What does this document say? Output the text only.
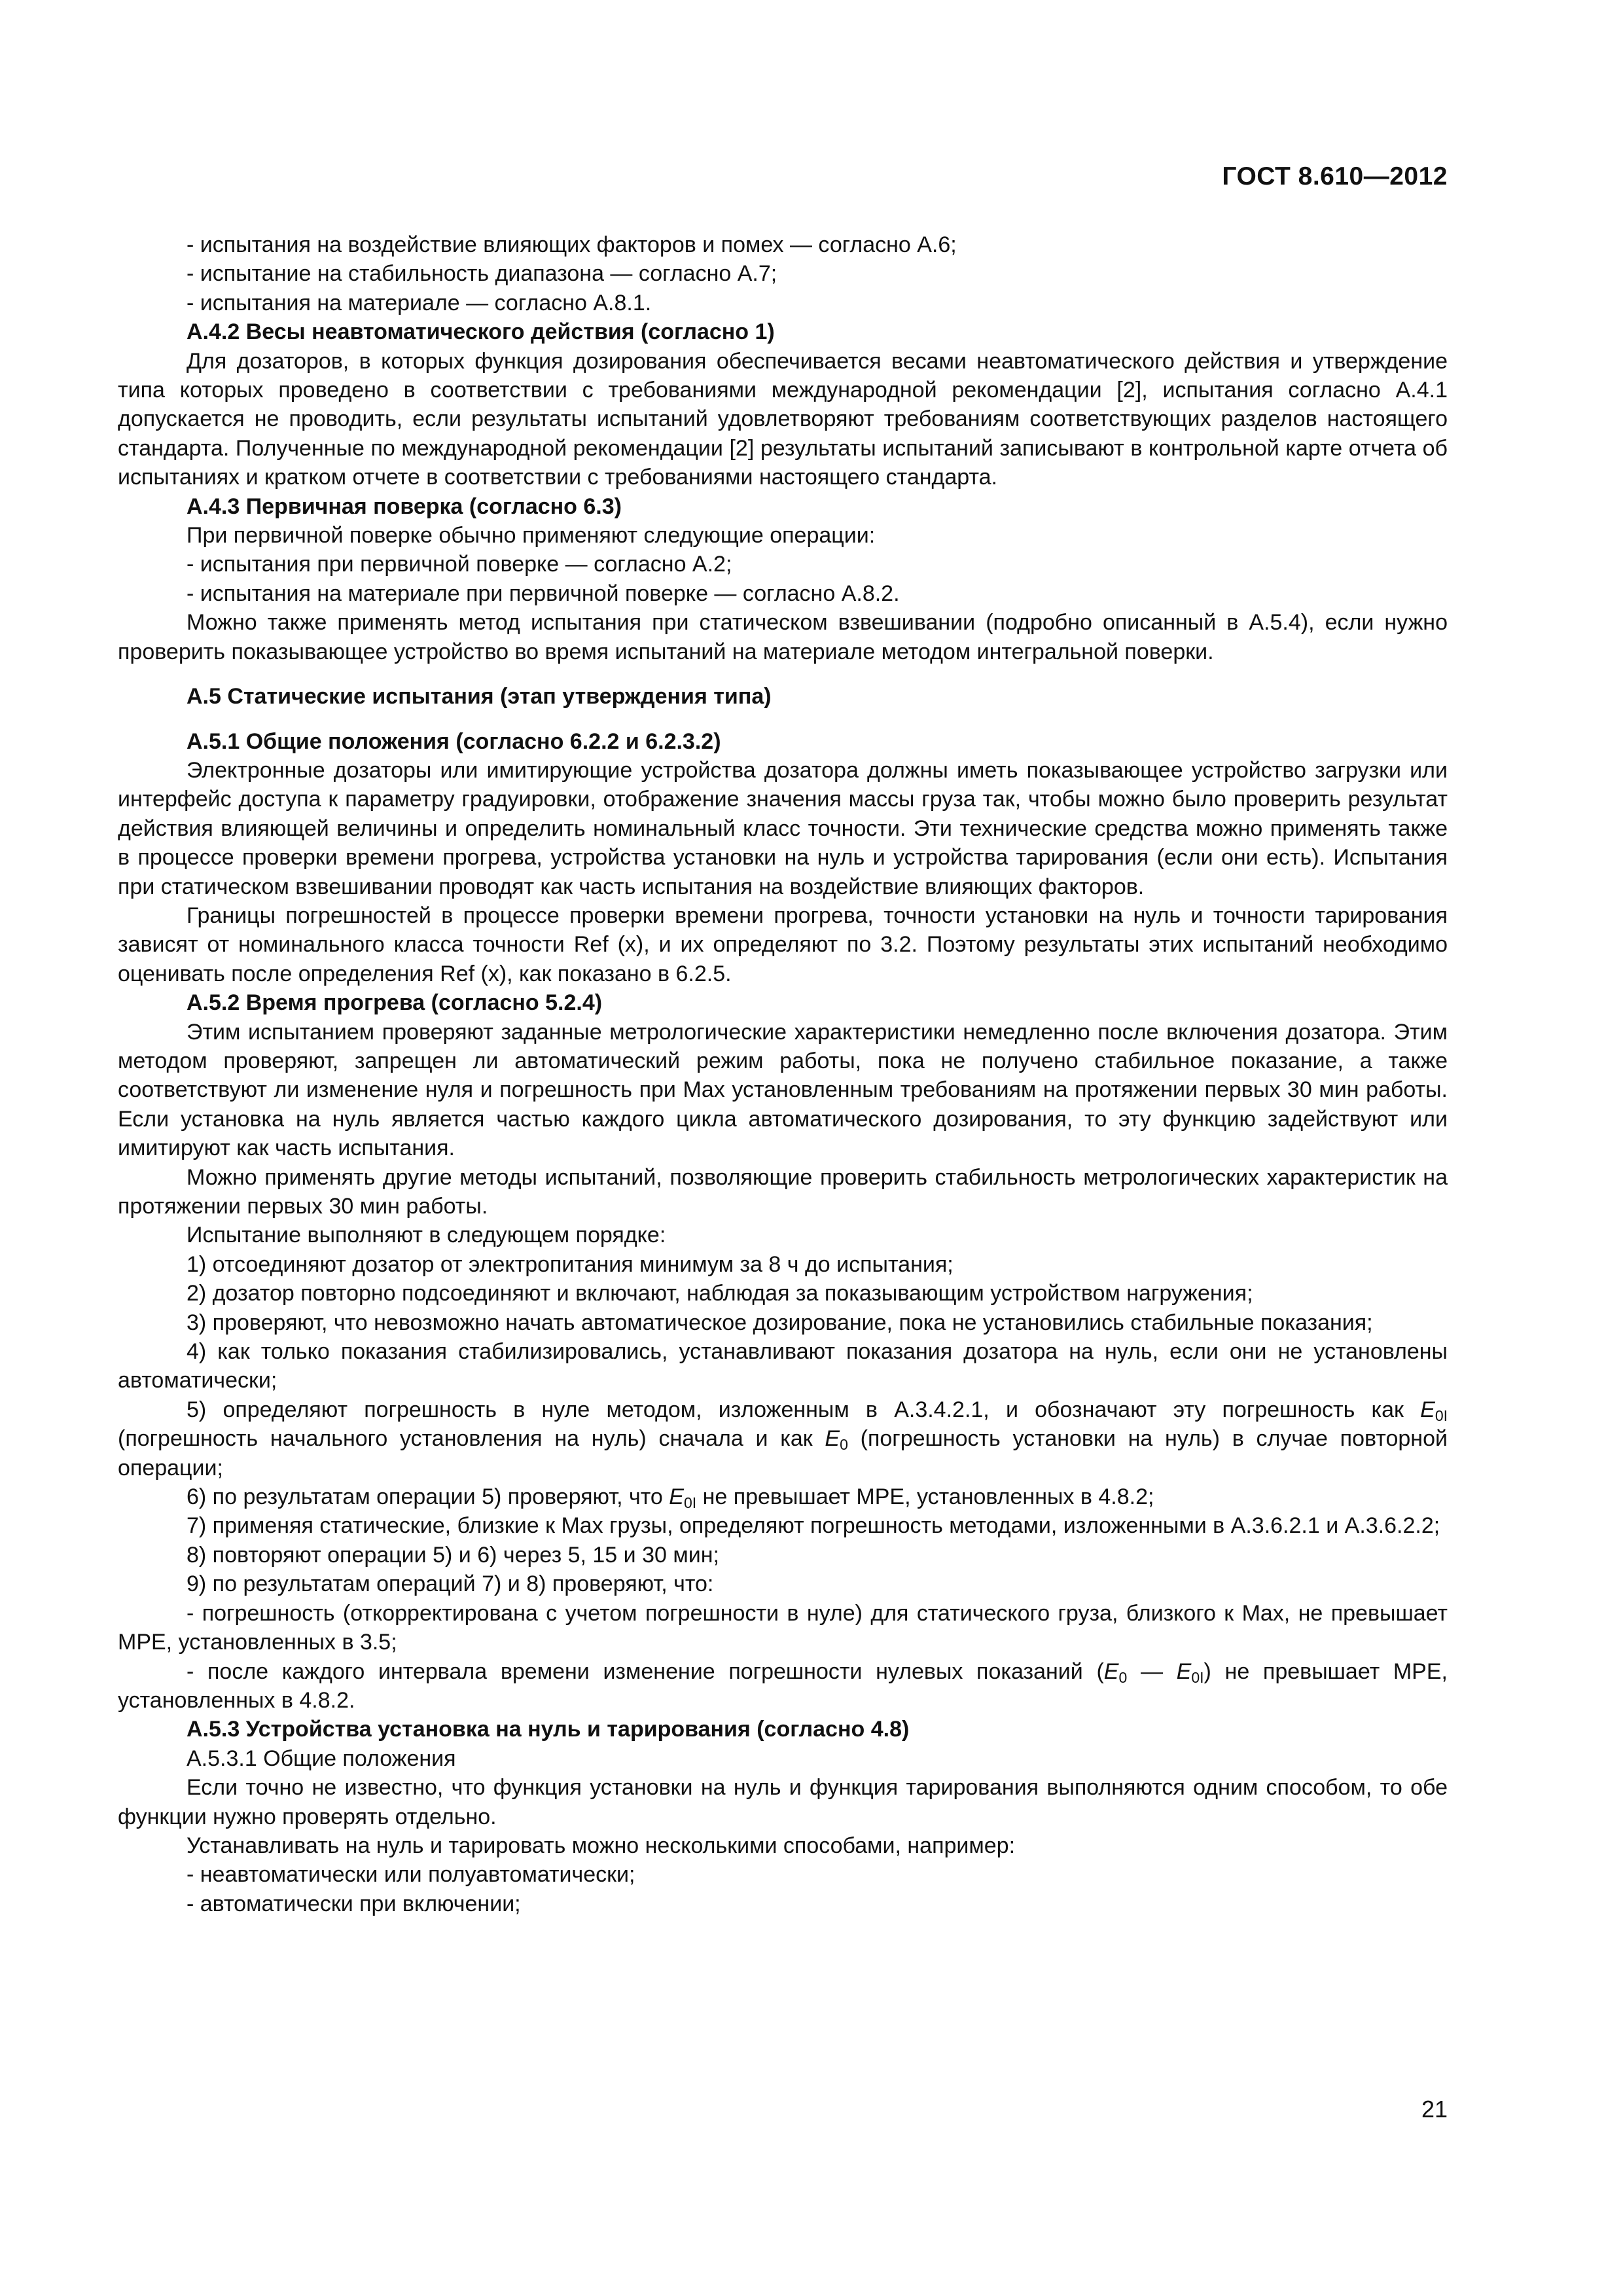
ГОСТ 8.610—2012

- испытания на воздействие влияющих факторов и помех — согласно А.6;

- испытание на стабильность диапазона — согласно А.7;

- испытания на материале — согласно А.8.1.

А.4.2 Весы неавтоматического действия (согласно 1)

Для дозаторов, в которых функция дозирования обеспечивается весами неавтоматического действия и утверждение типа которых проведено в соответствии с требованиями международной рекомендации [2], испытания согласно А.4.1 допускается не проводить, если результаты испытаний удовлетворяют требованиям соответствующих разделов настоящего стандарта. Полученные по международной рекомендации [2] результаты испытаний записывают в контрольной карте отчета об испытаниях и кратком отчете в соответствии с требованиями настоящего стандарта.

А.4.3 Первичная поверка (согласно 6.3)

При первичной поверке обычно применяют следующие операции:

- испытания при первичной поверке — согласно А.2;

- испытания на материале при первичной поверке — согласно А.8.2.

Можно также применять метод испытания при статическом взвешивании (подробно описанный в А.5.4), если нужно проверить показывающее устройство во время испытаний на материале методом интегральной поверки.

А.5 Статические испытания (этап утверждения типа)

А.5.1 Общие положения (согласно 6.2.2 и 6.2.3.2)

Электронные дозаторы или имитирующие устройства дозатора должны иметь показывающее устройство загрузки или интерфейс доступа к параметру градуировки, отображение значения массы груза так, чтобы можно было проверить результат действия влияющей величины и определить номинальный класс точности. Эти технические средства можно применять также в процессе проверки времени прогрева, устройства установки на нуль и устройства тарирования (если они есть). Испытания при статическом взвешивании проводят как часть испытания на воздействие влияющих факторов.

Границы погрешностей в процессе проверки времени прогрева, точности установки на нуль и точности тарирования зависят от номинального класса точности Ref (x), и их определяют по 3.2. Поэтому результаты этих испытаний необходимо оценивать после определения Ref (x), как показано в 6.2.5.

А.5.2 Время прогрева (согласно 5.2.4)

Этим испытанием проверяют заданные метрологические характеристики немедленно после включения дозатора. Этим методом проверяют, запрещен ли автоматический режим работы, пока не получено стабильное показание, а также соответствуют ли изменение нуля и погрешность при Max установленным требованиям на протяжении первых 30 мин работы. Если установка на нуль является частью каждого цикла автоматического дозирования, то эту функцию задействуют или имитируют как часть испытания.

Можно применять другие методы испытаний, позволяющие проверить стабильность метрологических характеристик на протяжении первых 30 мин работы.

Испытание выполняют в следующем порядке:

1) отсоединяют дозатор от электропитания минимум за 8 ч до испытания;

2) дозатор повторно подсоединяют и включают, наблюдая за показывающим устройством нагружения;

3) проверяют, что невозможно начать автоматическое дозирование, пока не установились стабильные показания;

4) как только показания стабилизировались, устанавливают показания дозатора на нуль, если они не установлены автоматически;

5) определяют погрешность в нуле методом, изложенным в А.3.4.2.1, и обозначают эту погрешность как $E_{0I}$ (погрешность начального установления на нуль) сначала и как $E_0$ (погрешность установки на нуль) в случае повторной операции;

6) по результатам операции 5) проверяют, что $E_{0I}$ не превышает МРЕ, установленных в 4.8.2;

7) применяя статические, близкие к Max грузы, определяют погрешность методами, изложенными в А.3.6.2.1 и А.3.6.2.2;

8) повторяют операции 5) и 6) через 5, 15 и 30 мин;

9) по результатам операций 7) и 8) проверяют, что:

- погрешность (откорректирована с учетом погрешности в нуле) для статического груза, близкого к Max, не превышает МРЕ, установленных в 3.5;

- после каждого интервала времени изменение погрешности нулевых показаний ($E_0$ — $E_{0I}$) не превышает МРЕ, установленных в 4.8.2.

А.5.3 Устройства установка на нуль и тарирования (согласно 4.8)

А.5.3.1 Общие положения

Если точно не известно, что функция установки на нуль и функция тарирования выполняются одним способом, то обе функции нужно проверять отдельно.

Устанавливать на нуль и тарировать можно несколькими способами, например:

- неавтоматически или полуавтоматически;

- автоматически при включении;

21
